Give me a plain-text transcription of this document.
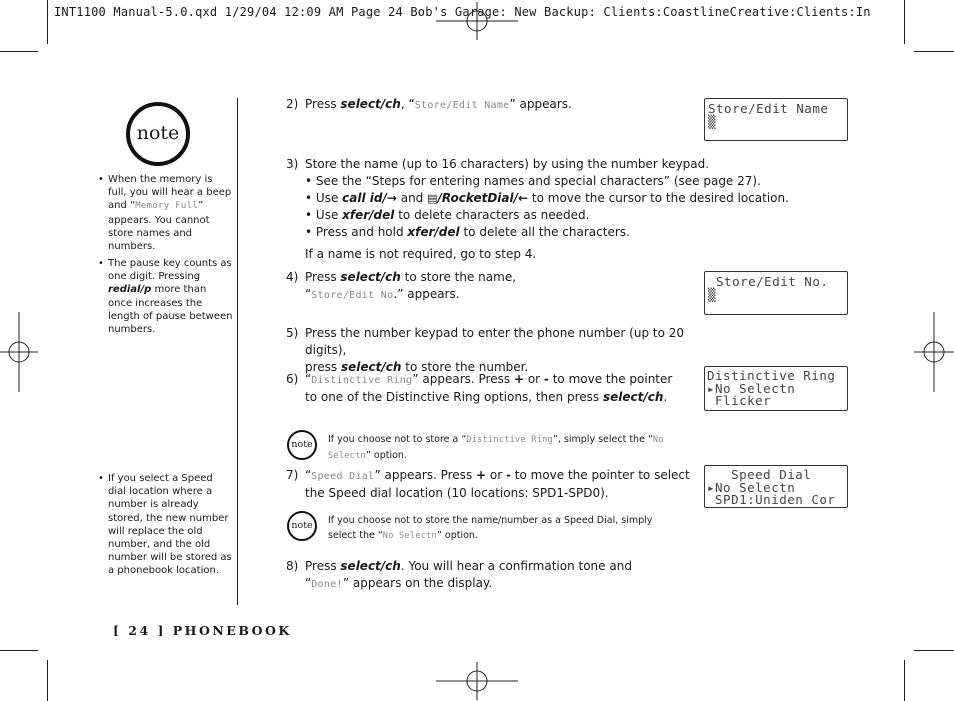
INT1100 Manual-5.0.qxd 1/29/04 12:09 AM Page 24 Bob's Garage: New Backup: Clients:CoastlineCreative:Clients:In
note
• When the memory is full, you will hear a beep and “Memory Full” appears. You cannot store names and numbers.
• The pause key counts as one digit. Pressing redial/p more than once increases the length of pause between numbers.
• If you select a Speed dial location where a number is already stored, the new number will replace the old number, and the old number will be stored as a phonebook location.
2) Press select/ch, “Store/Edit Name” appears.
3) Store the name (up to 16 characters) by using the number keypad.
• See the “Steps for entering names and special characters” (see page 27).
• Use call id/→ and ▤/RocketDial/← to move the cursor to the desired location.
• Use xfer/del to delete characters as needed.
• Press and hold xfer/del to delete all the characters.
If a name is not required, go to step 4.
4) Press select/ch to store the name,
“Store/Edit No.” appears.
5) Press the number keypad to enter the phone number (up to 20 digits),
press select/ch to store the number.
6) “Distinctive Ring” appears. Press + or - to move the pointer
to one of the Distinctive Ring options, then press select/ch.
note	If you choose not to store a “Distinctive Ring”, simply select the “No Selectn” option.
7) “Speed Dial” appears. Press + or - to move the pointer to select
the Speed dial location (10 locations: SPD1-SPD0).
note	If you choose not to store the name/number as a Speed Dial, simply
select the “No Selectn” option.
8) Press select/ch. You will hear a confirmation tone and
“Done!” appears on the display.
Store/Edit Name
▒
Store/Edit No.
▒
Distinctive Ring
▸No Selectn
Flicker
Speed Dial
▸No Selectn
SPD1:Uniden Cor
[ 24 ] PHONEBOOK
